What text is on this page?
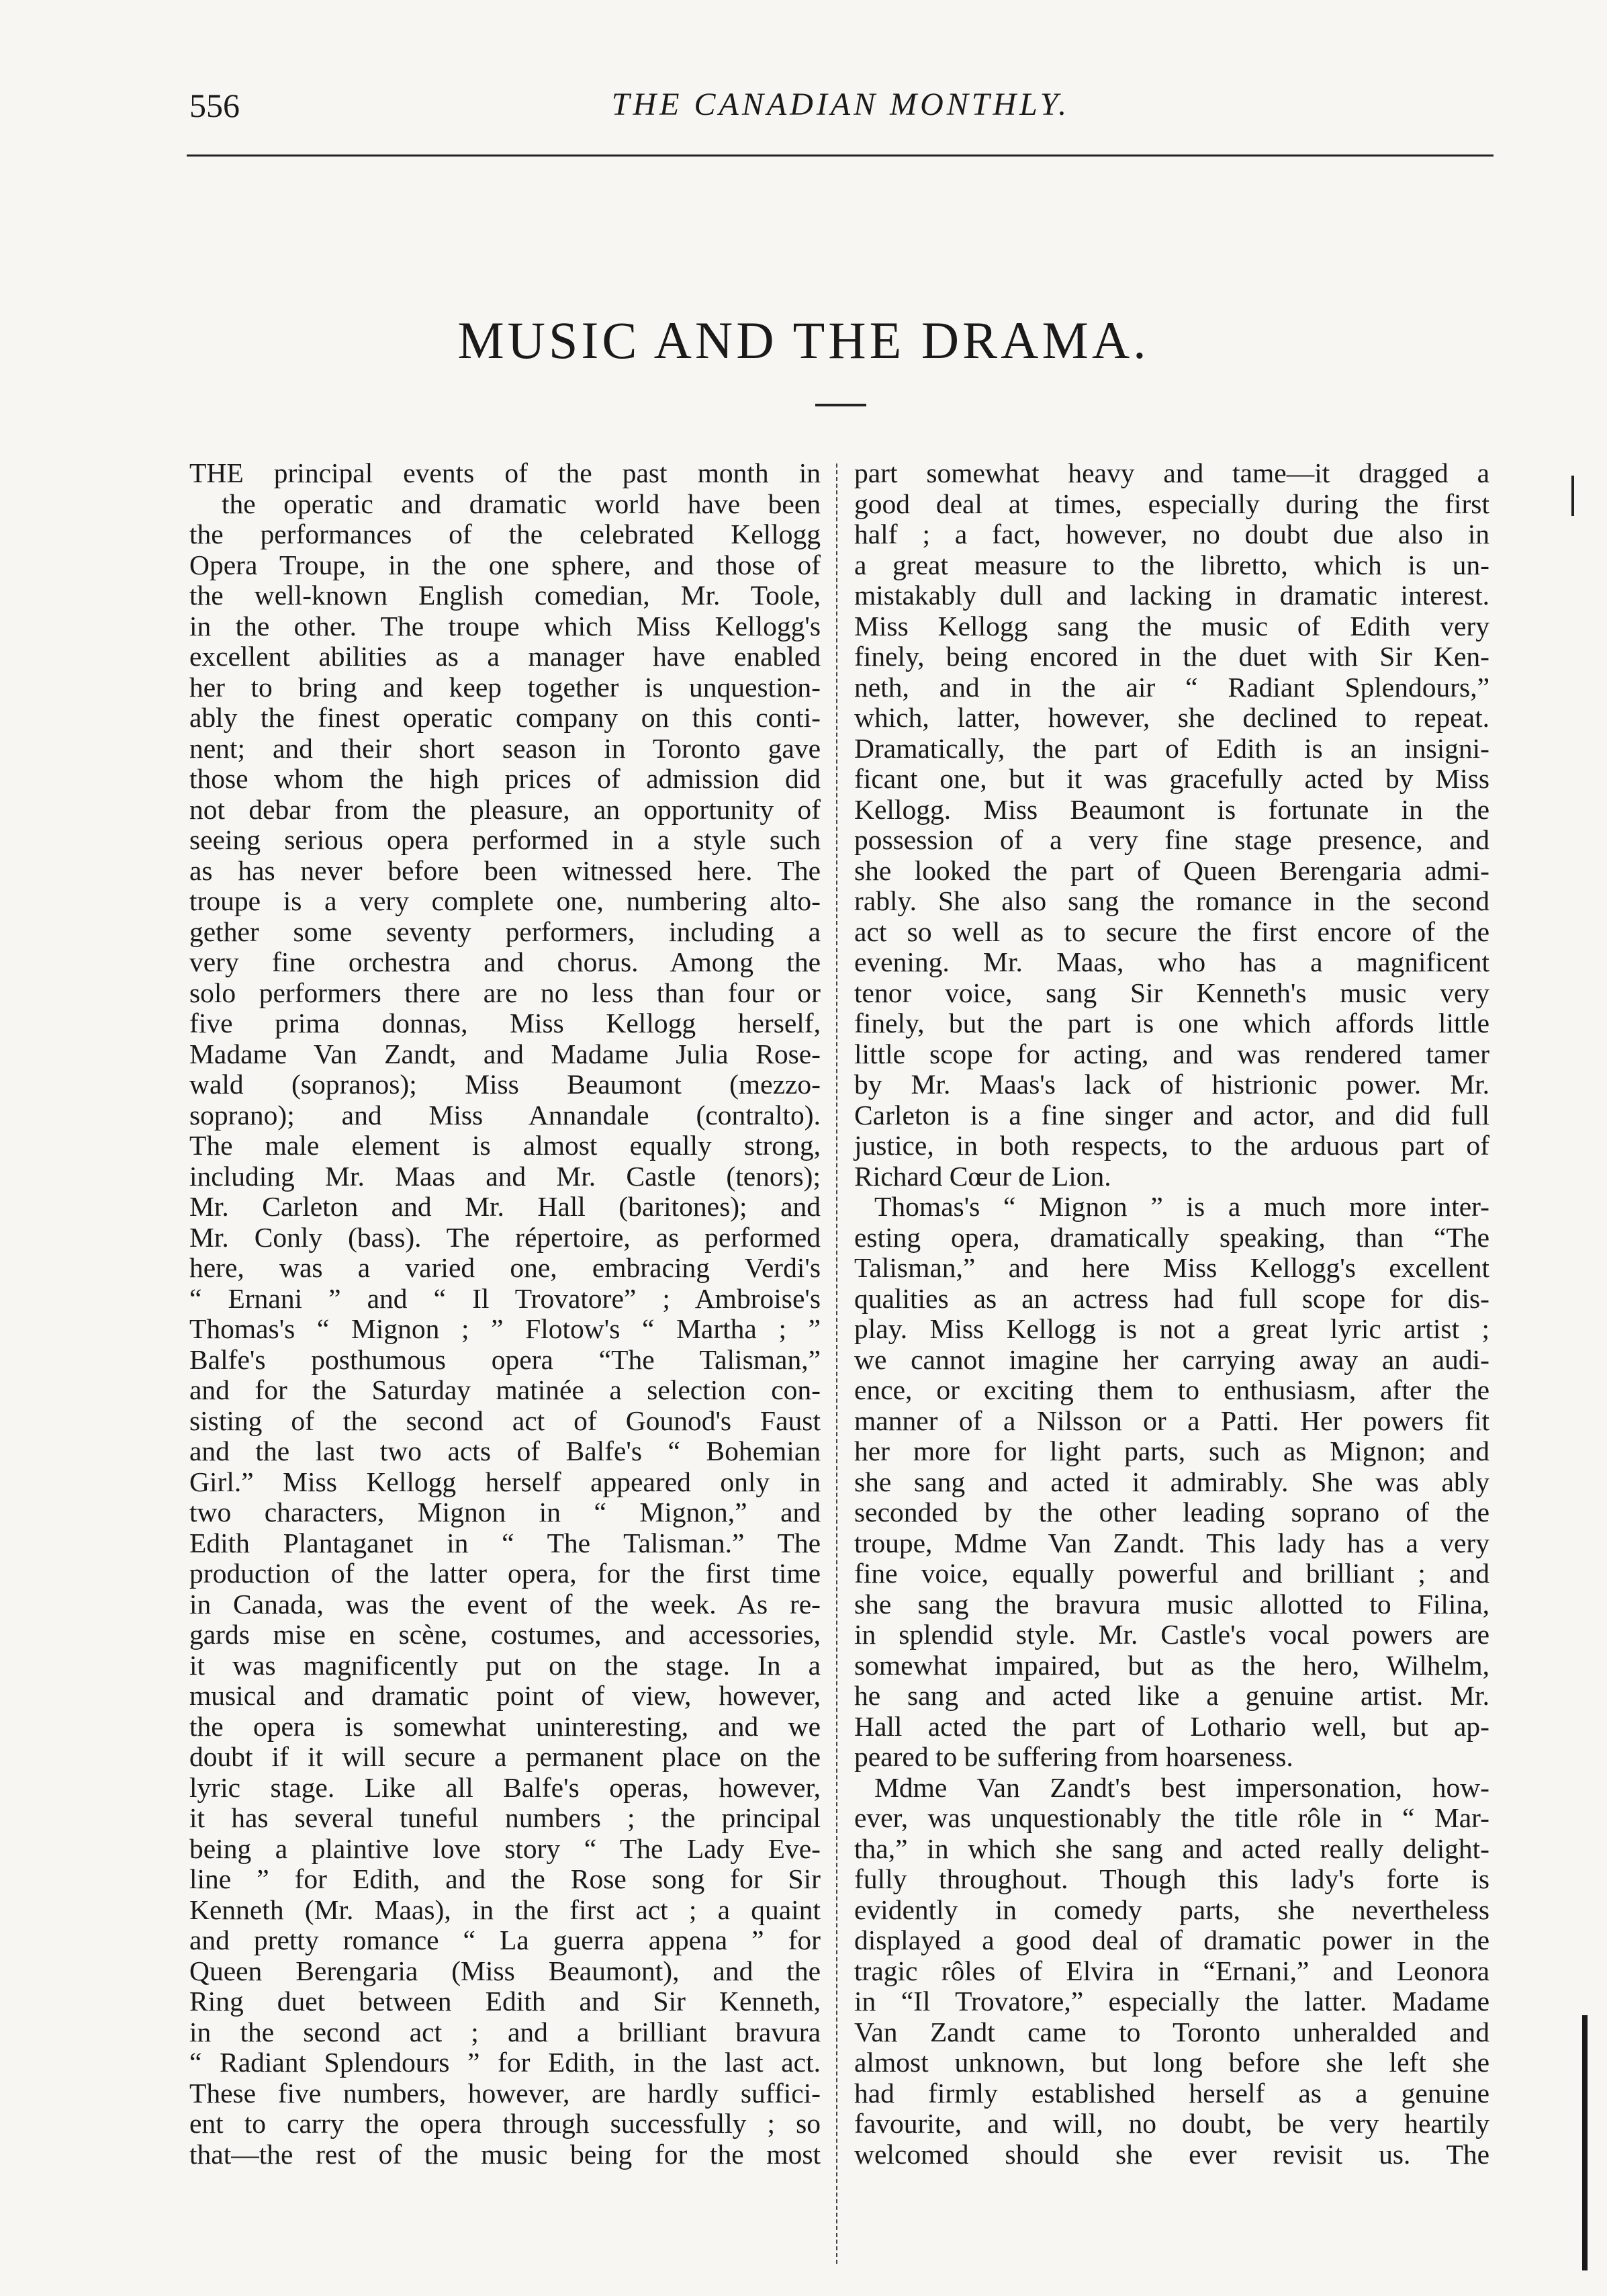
556	THE CANADIAN MONTHLY.
MUSIC AND THE DRAMA.
THE principal events of the past month in
the operatic and dramatic world have been
the performances of the celebrated Kellogg
Opera Troupe, in the one sphere, and those of
the well-known English comedian, Mr. Toole,
in the other. The troupe which Miss Kellogg's
excellent abilities as a manager have enabled
her to bring and keep together is unquestion-
ably the finest operatic company on this conti-
nent; and their short season in Toronto gave
those whom the high prices of admission did
not debar from the pleasure, an opportunity of
seeing serious opera performed in a style such
as has never before been witnessed here. The
troupe is a very complete one, numbering alto-
gether some seventy performers, including a
very fine orchestra and chorus. Among the
solo performers there are no less than four or
five prima donnas, Miss Kellogg herself,
Madame Van Zandt, and Madame Julia Rose-
wald (sopranos); Miss Beaumont (mezzo-
soprano); and Miss Annandale (contralto).
The male element is almost equally strong,
including Mr. Maas and Mr. Castle (tenors);
Mr. Carleton and Mr. Hall (baritones); and
Mr. Conly (bass). The répertoire, as performed
here, was a varied one, embracing Verdi's
“ Ernani ” and “ Il Trovatore” ; Ambroise's
Thomas's “ Mignon ; ” Flotow's “ Martha ; ”
Balfe's posthumous opera “The Talisman,”
and for the Saturday matinée a selection con-
sisting of the second act of Gounod's Faust
and the last two acts of Balfe's “ Bohemian
Girl.” Miss Kellogg herself appeared only in
two characters, Mignon in “ Mignon,” and
Edith Plantaganet in “ The Talisman.” The
production of the latter opera, for the first time
in Canada, was the event of the week. As re-
gards mise en scène, costumes, and accessories,
it was magnificently put on the stage. In a
musical and dramatic point of view, however,
the opera is somewhat uninteresting, and we
doubt if it will secure a permanent place on the
lyric stage. Like all Balfe's operas, however,
it has several tuneful numbers ; the principal
being a plaintive love story “ The Lady Eve-
line ” for Edith, and the Rose song for Sir
Kenneth (Mr. Maas), in the first act ; a quaint
and pretty romance “ La guerra appena ” for
Queen Berengaria (Miss Beaumont), and the
Ring duet between Edith and Sir Kenneth,
in the second act ; and a brilliant bravura
“ Radiant Splendours ” for Edith, in the last act.
These five numbers, however, are hardly suffici-
ent to carry the opera through successfully ; so
that—the rest of the music being for the most
part somewhat heavy and tame—it dragged a
good deal at times, especially during the first
half ; a fact, however, no doubt due also in
a great measure to the libretto, which is un-
mistakably dull and lacking in dramatic interest.
Miss Kellogg sang the music of Edith very
finely, being encored in the duet with Sir Ken-
neth, and in the air “ Radiant Splendours,”
which, latter, however, she declined to repeat.
Dramatically, the part of Edith is an insigni-
ficant one, but it was gracefully acted by Miss
Kellogg. Miss Beaumont is fortunate in the
possession of a very fine stage presence, and
she looked the part of Queen Berengaria admi-
rably. She also sang the romance in the second
act so well as to secure the first encore of the
evening. Mr. Maas, who has a magnificent
tenor voice, sang Sir Kenneth's music very
finely, but the part is one which affords little
little scope for acting, and was rendered tamer
by Mr. Maas's lack of histrionic power. Mr.
Carleton is a fine singer and actor, and did full
justice, in both respects, to the arduous part of
Richard Cœur de Lion.
Thomas's “ Mignon ” is a much more inter-
esting opera, dramatically speaking, than “The
Talisman,” and here Miss Kellogg's excellent
qualities as an actress had full scope for dis-
play. Miss Kellogg is not a great lyric artist ;
we cannot imagine her carrying away an audi-
ence, or exciting them to enthusiasm, after the
manner of a Nilsson or a Patti. Her powers fit
her more for light parts, such as Mignon; and
she sang and acted it admirably. She was ably
seconded by the other leading soprano of the
troupe, Mdme Van Zandt. This lady has a very
fine voice, equally powerful and brilliant ; and
she sang the bravura music allotted to Filina,
in splendid style. Mr. Castle's vocal powers are
somewhat impaired, but as the hero, Wilhelm,
he sang and acted like a genuine artist. Mr.
Hall acted the part of Lothario well, but ap-
peared to be suffering from hoarseness.
Mdme Van Zandt's best impersonation, how-
ever, was unquestionably the title rôle in “ Mar-
tha,” in which she sang and acted really delight-
fully throughout. Though this lady's forte is
evidently in comedy parts, she nevertheless
displayed a good deal of dramatic power in the
tragic rôles of Elvira in “Ernani,” and Leonora
in “Il Trovatore,” especially the latter. Madame
Van Zandt came to Toronto unheralded and
almost unknown, but long before she left she
had firmly established herself as a genuine
favourite, and will, no doubt, be very heartily
welcomed should she ever revisit us. The
